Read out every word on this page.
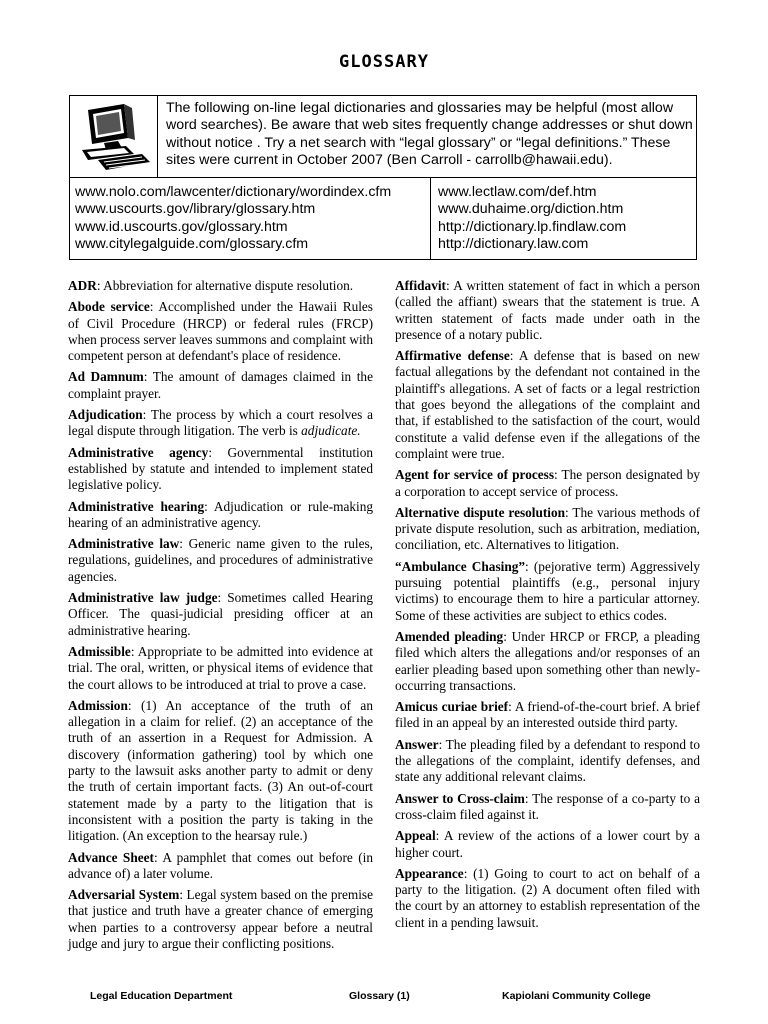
GLOSSARY
The following on-line legal dictionaries and glossaries may be helpful (most allow word searches). Be aware that web sites frequently change addresses or shut down without notice . Try a net search with “legal glossary” or “legal definitions.” These sites were current in October 2007 (Ben Carroll - carrollb@hawaii.edu).
www.nolo.com/lawcenter/dictionary/wordindex.cfm
www.uscourts.gov/library/glossary.htm
www.id.uscourts.gov/glossary.htm
www.citylegalguide.com/glossary.cfm
www.lectlaw.com/def.htm
www.duhaime.org/diction.htm
http://dictionary.lp.findlaw.com
http://dictionary.law.com

ADR: Abbreviation for alternative dispute resolution.

Abode service: Accomplished under the Hawaii Rules of Civil Procedure (HRCP) or federal rules (FRCP) when process server leaves summons and complaint with competent person at defendant's place of residence.

Ad Damnum: The amount of damages claimed in the complaint prayer.

Adjudication: The process by which a court resolves a legal dispute through litigation. The verb is adjudicate.

Administrative agency: Governmental institution established by statute and intended to implement stated legislative policy.

Administrative hearing: Adjudication or rule-making hearing of an administrative agency.

Administrative law: Generic name given to the rules, regulations, guidelines, and procedures of administrative agencies.

Administrative law judge: Sometimes called Hearing Officer. The quasi-judicial presiding officer at an administrative hearing.

Admissible: Appropriate to be admitted into evidence at trial. The oral, written, or physical items of evidence that the court allows to be introduced at trial to prove a case.

Admission: (1) An acceptance of the truth of an allegation in a claim for relief. (2) an acceptance of the truth of an assertion in a Request for Admission. A discovery (information gathering) tool by which one party to the lawsuit asks another party to admit or deny the truth of certain important facts. (3) An out-of-court statement made by a party to the litigation that is inconsistent with a position the party is taking in the litigation. (An exception to the hearsay rule.)

Advance Sheet: A pamphlet that comes out before (in advance of) a later volume.

Adversarial System: Legal system based on the premise that justice and truth have a greater chance of emerging when parties to a controversy appear before a neutral judge and jury to argue their conflicting positions.

Affidavit: A written statement of fact in which a person (called the affiant) swears that the statement is true. A written statement of facts made under oath in the presence of a notary public.

Affirmative defense: A defense that is based on new factual allegations by the defendant not contained in the plaintiff's allegations. A set of facts or a legal restriction that goes beyond the allegations of the complaint and that, if established to the satisfaction of the court, would constitute a valid defense even if the allegations of the complaint were true.

Agent for service of process: The person designated by a corporation to accept service of process.

Alternative dispute resolution: The various methods of private dispute resolution, such as arbitration, mediation, conciliation, etc. Alternatives to litigation.

“Ambulance Chasing”: (pejorative term) Aggressively pursuing potential plaintiffs (e.g., personal injury victims) to encourage them to hire a particular attorney. Some of these activities are subject to ethics codes.

Amended pleading: Under HRCP or FRCP, a pleading filed which alters the allegations and/or responses of an earlier pleading based upon something other than newly-occurring transactions.

Amicus curiae brief: A friend-of-the-court brief. A brief filed in an appeal by an interested outside third party.

Answer: The pleading filed by a defendant to respond to the allegations of the complaint, identify defenses, and state any additional relevant claims.

Answer to Cross-claim: The response of a co-party to a cross-claim filed against it.

Appeal: A review of the actions of a lower court by a higher court.

Appearance: (1) Going to court to act on behalf of a party to the litigation. (2) A document often filed with the court by an attorney to establish representation of the client in a pending lawsuit.

Legal Education Department	Glossary (1)	Kapiolani Community College
